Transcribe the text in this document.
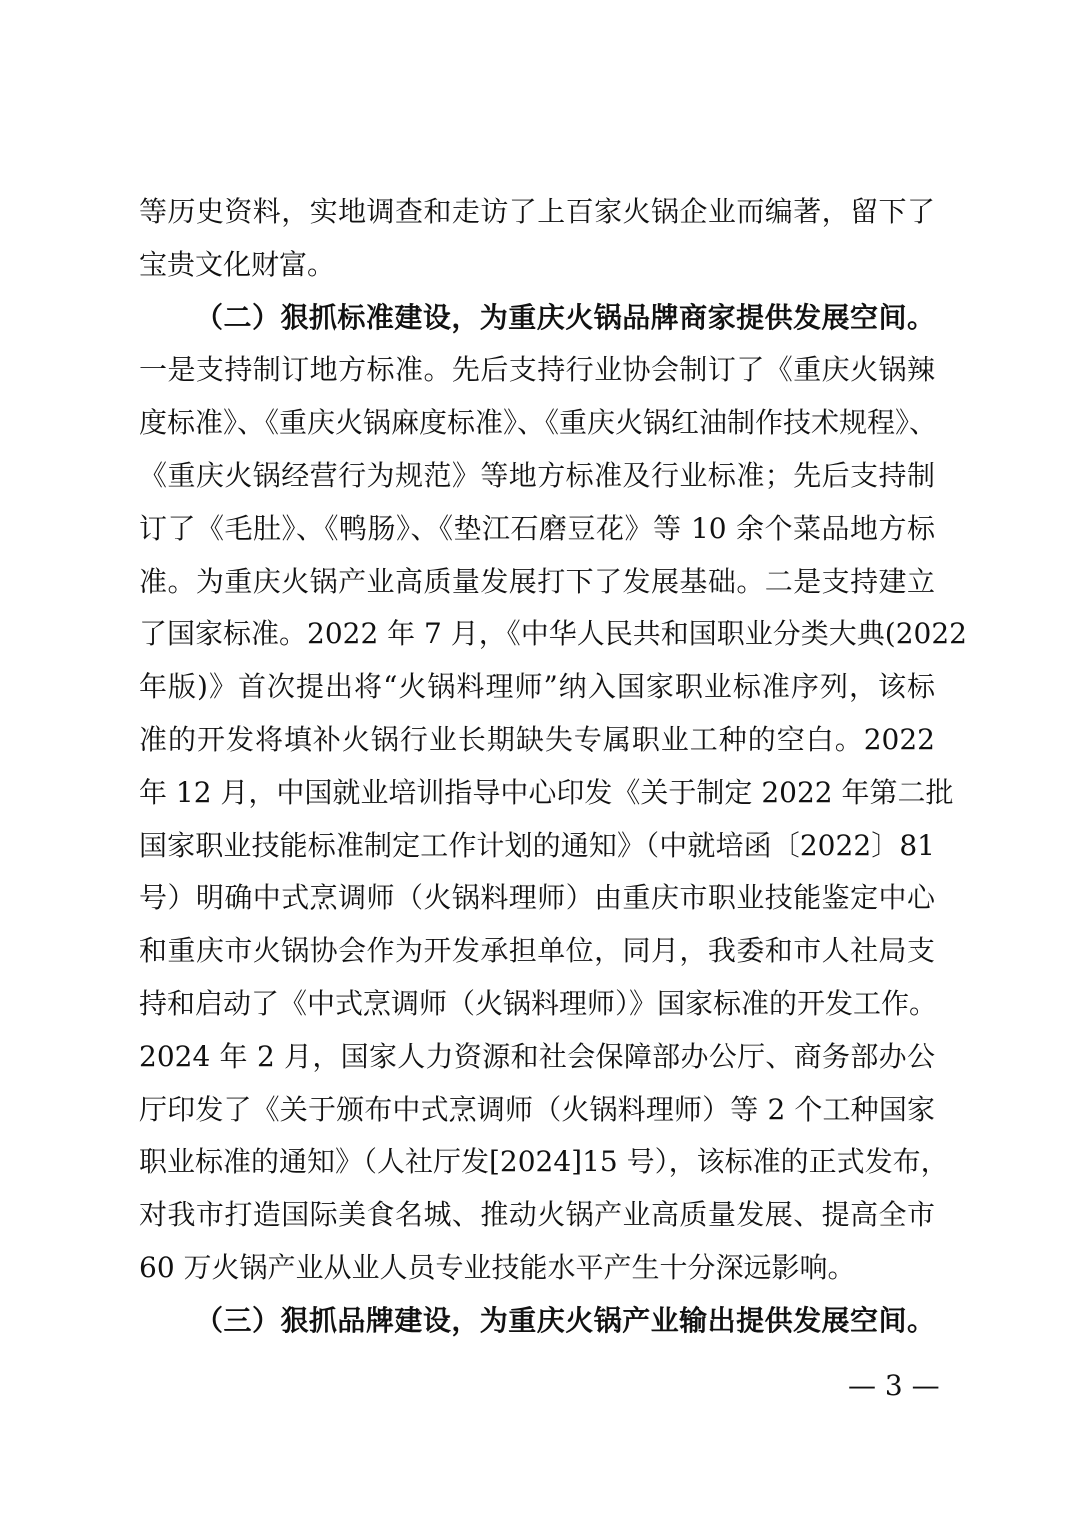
等历史资料，实地调查和走访了上百家火锅企业而编著，留下了
宝贵文化财富。
（二）狠抓标准建设，为重庆火锅品牌商家提供发展空间。
一是支持制订地方标准。先后支持行业协会制订了《重庆火锅辣
度标准》、《重庆火锅麻度标准》、《重庆火锅红油制作技术规程》、
《重庆火锅经营行为规范》等地方标准及行业标准；先后支持制
订了《毛肚》、《鸭肠》、《垫江石磨豆花》等 10 余个菜品地方标
准。为重庆火锅产业高质量发展打下了发展基础。二是支持建立
了国家标准。2022 年 7 月，《中华人民共和国职业分类大典(2022
年版)》首次提出将“火锅料理师”纳入国家职业标准序列，该标
准的开发将填补火锅行业长期缺失专属职业工种的空白。2022
年 12 月，中国就业培训指导中心印发《关于制定 2022 年第二批
国家职业技能标准制定工作计划的通知》（中就培函〔2022〕81
号）明确中式烹调师（火锅料理师）由重庆市职业技能鉴定中心
和重庆市火锅协会作为开发承担单位，同月，我委和市人社局支
持和启动了《中式烹调师（火锅料理师）》国家标准的开发工作。
2024 年 2 月，国家人力资源和社会保障部办公厅、商务部办公
厅印发了《关于颁布中式烹调师（火锅料理师）等 2 个工种国家
职业标准的通知》（人社厅发[2024]15 号），该标准的正式发布，
对我市打造国际美食名城、推动火锅产业高质量发展、提高全市
60 万火锅产业从业人员专业技能水平产生十分深远影响。
（三）狠抓品牌建设，为重庆火锅产业输出提供发展空间。
— 3 —
